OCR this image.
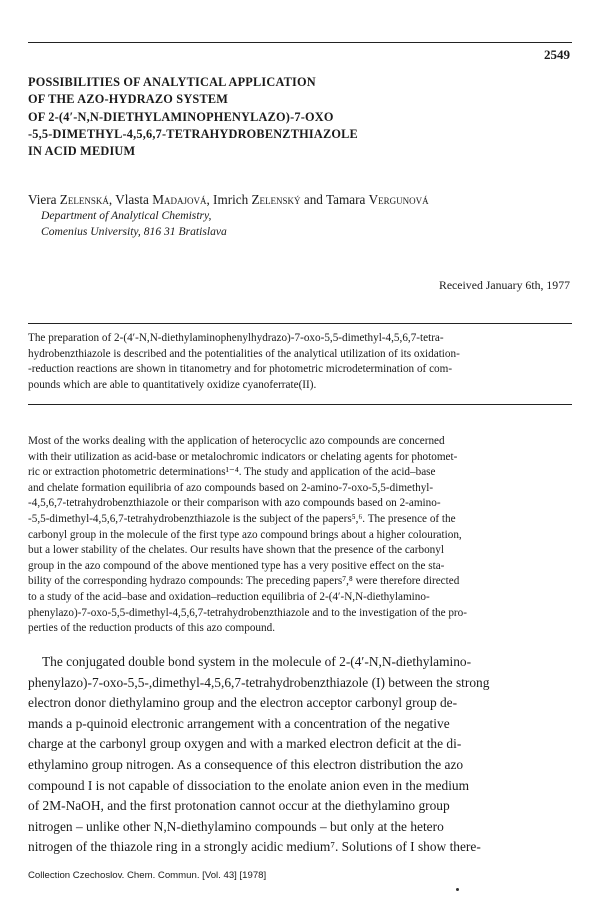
2549
POSSIBILITIES OF ANALYTICAL APPLICATION
OF THE AZO-HYDRAZO SYSTEM
OF 2-(4′-N,N-DIETHYLAMINOPHENYLAZO)-7-OXO
-5,5-DIMETHYL-4,5,6,7-TETRAHYDROBENZTHIAZOLE
IN ACID MEDIUM
Viera Zelenská, Vlasta Madajová, Imrich Zelenský and Tamara Vergunová
Department of Analytical Chemistry,
Comenius University, 816 31 Bratislava
Received January 6th, 1977

The preparation of 2-(4′-N,N-diethylaminophenylhydrazo)-7-oxo-5,5-dimethyl-4,5,6,7-tetra-
hydrobenzthiazole is described and the potentialities of the analytical utilization of its oxidation-
-reduction reactions are shown in titanometry and for photometric microdetermination of com-
pounds which are able to quantitatively oxidize cyanoferrate(II).

Most of the works dealing with the application of heterocyclic azo compounds are concerned
with their utilization as acid-base or metalochromic indicators or chelating agents for photomet-
ric or extraction photometric determinations¹⁻⁴. The study and application of the acid–base
and chelate formation equilibria of azo compounds based on 2-amino-7-oxo-5,5-dimethyl-
-4,5,6,7-tetrahydrobenzthiazole or their comparison with azo compounds based on 2-amino-
-5,5-dimethyl-4,5,6,7-tetrahydrobenzthiazole is the subject of the papers⁵,⁶. The presence of the
carbonyl group in the molecule of the first type azo compound brings about a higher colouration,
but a lower stability of the chelates. Our results have shown that the presence of the carbonyl
group in the azo compound of the above mentioned type has a very positive effect on the sta-
bility of the corresponding hydrazo compounds: The preceding papers⁷,⁸ were therefore directed
to a study of the acid–base and oxidation–reduction equilibria of 2-(4′-N,N-diethylamino-
phenylazo)-7-oxo-5,5-dimethyl-4,5,6,7-tetrahydrobenzthiazole and to the investigation of the pro-
perties of the reduction products of this azo compound.

The conjugated double bond system in the molecule of 2-(4′-N,N-diethylamino-
phenylazo)-7-oxo-5,5-,dimethyl-4,5,6,7-tetrahydrobenzthiazole (I) between the strong
electron donor diethylamino group and the electron acceptor carbonyl group de-
mands a p-quinoid electronic arrangement with a concentration of the negative
charge at the carbonyl group oxygen and with a marked electron deficit at the di-
ethylamino group nitrogen. As a consequence of this electron distribution the azo
compound I is not capable of dissociation to the enolate anion even in the medium
of 2M-NaOH, and the first protonation cannot occur at the diethylamino group
nitrogen – unlike other N,N-diethylamino compounds – but only at the hetero
nitrogen of the thiazole ring in a strongly acidic medium⁷. Solutions of I show there-

Collection Czechoslov. Chem. Commun. [Vol. 43] [1978]
